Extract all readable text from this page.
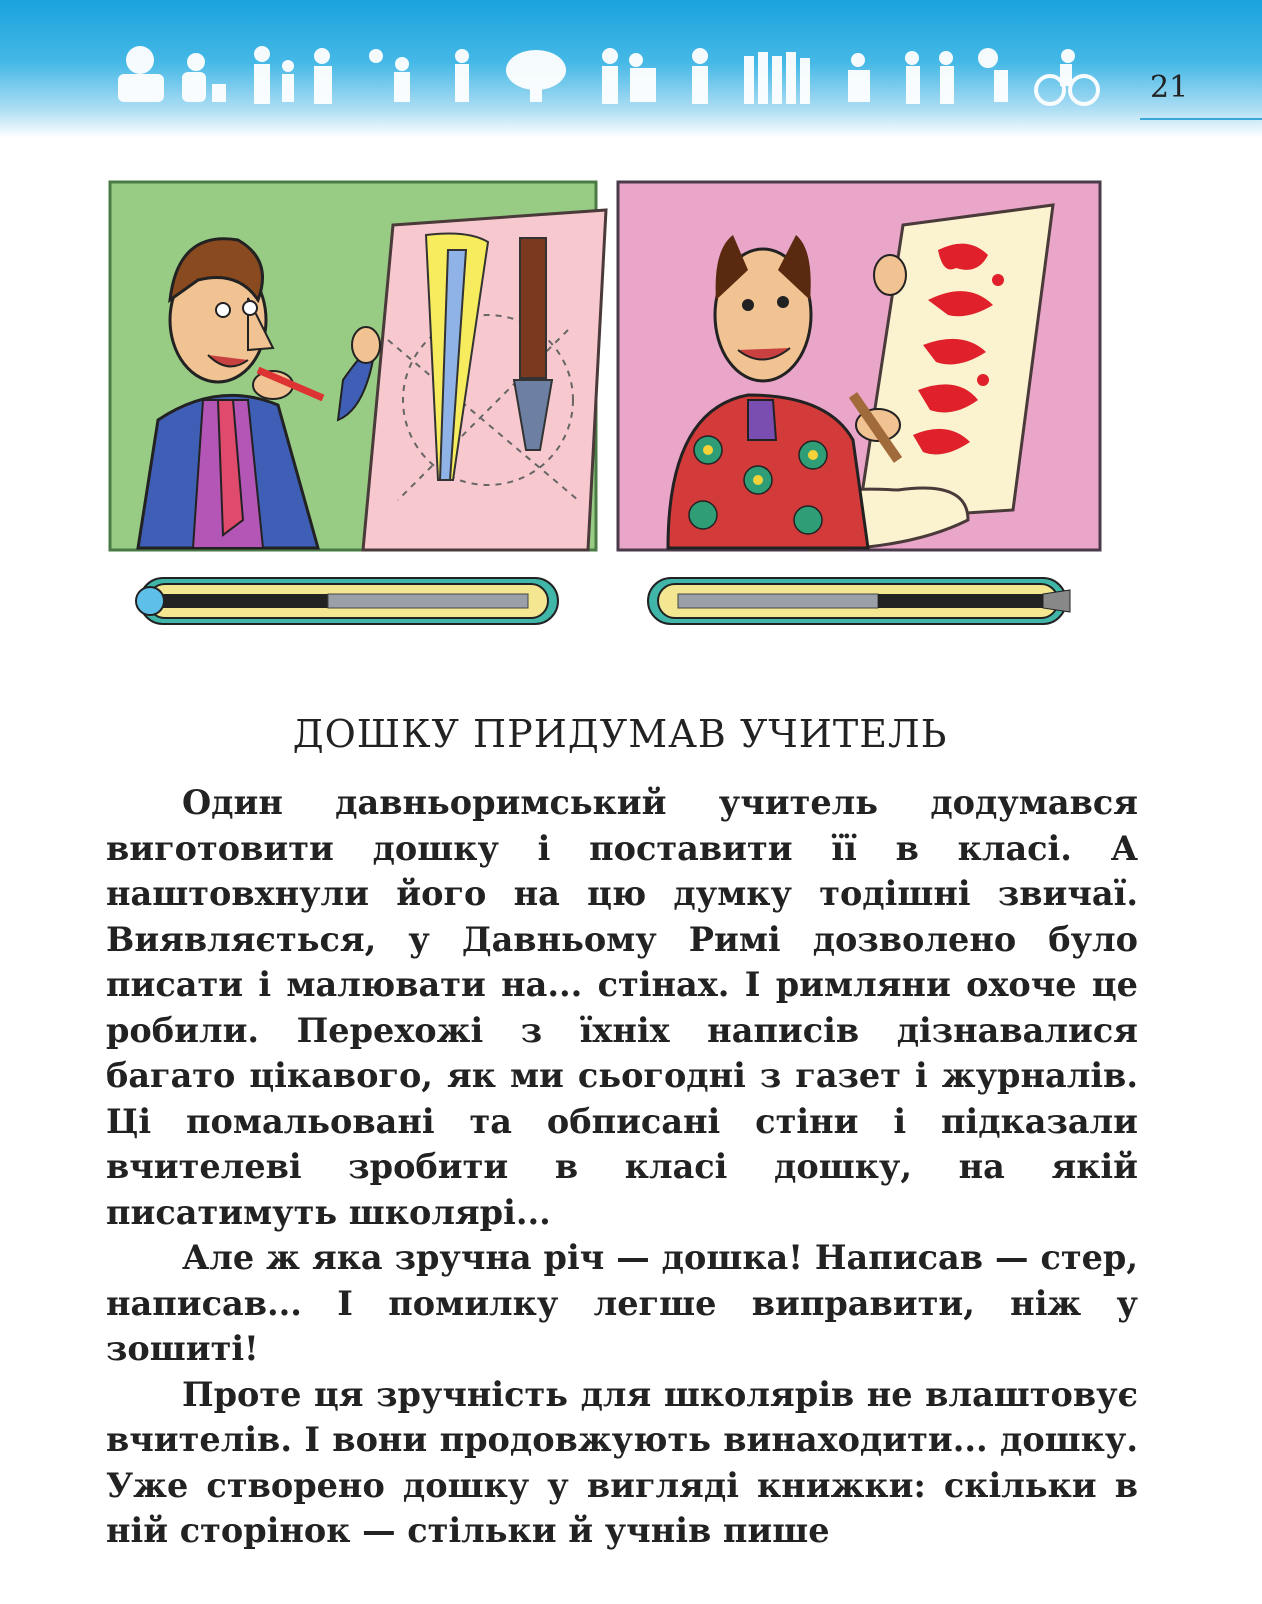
21
ДОШКУ ПРИДУМАВ УЧИТЕЛЬ

Один давньоримський учитель додумався виготовити дошку і поставити її в класі. А наштовхнули його на цю думку тодішні звичаї. Виявляється, у Давньому Римі дозволено було писати і малювати на... стінах. І римляни охоче це робили. Перехожі з їхніх написів дізнавалися багато цікавого, як ми сьогодні з газет і журналів. Ці помальовані та обписані стіни і підказали вчителеві зробити в класі дошку, на якій писатимуть школярі...

Але ж яка зручна річ — дошка! Написав — стер, написав... І помилку легше виправити, ніж у зошиті!

Проте ця зручність для школярів не влаштовує вчителів. І вони продовжують винаходити... дошку. Уже створено дошку у вигляді книжки: скільки в ній сторінок — стільки й учнів пише
